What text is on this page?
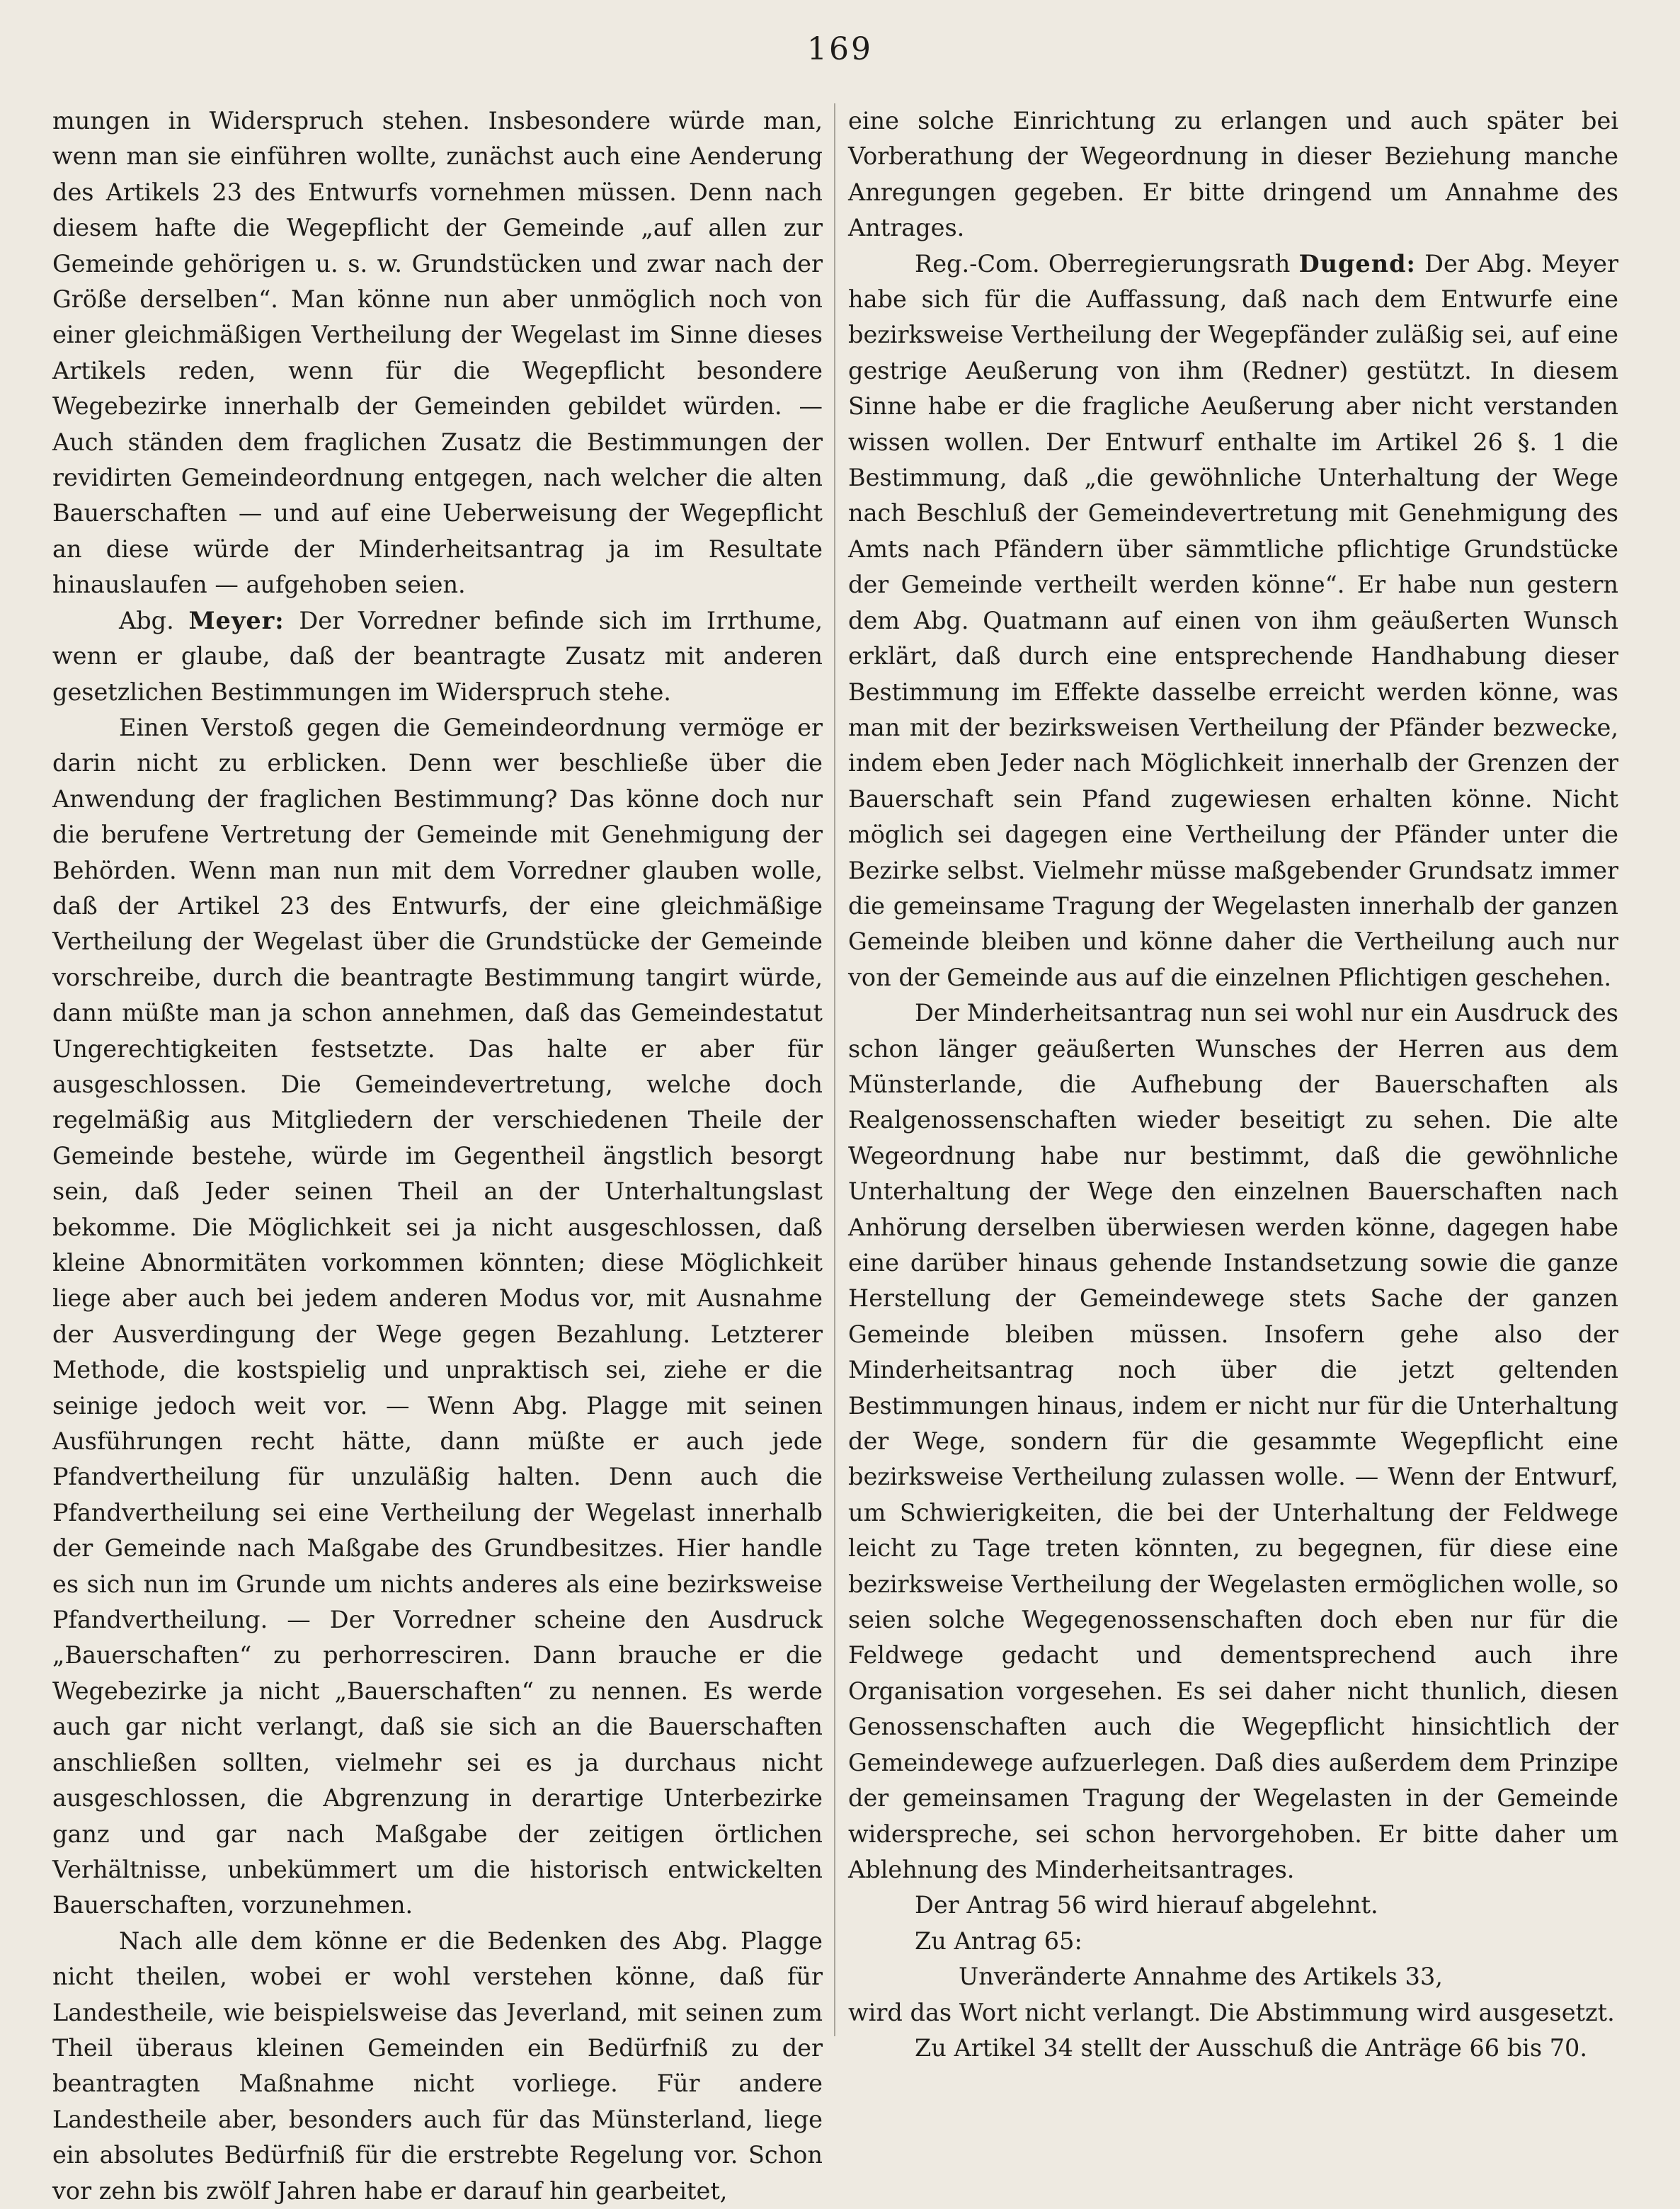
169

mungen in Widerspruch stehen. Insbesondere würde man, wenn man sie einführen wollte, zunächst auch eine Aenderung des Artikels 23 des Entwurfs vornehmen müssen. Denn nach diesem hafte die Wegepflicht der Gemeinde „auf allen zur Gemeinde gehörigen u. s. w. Grundstücken und zwar nach der Größe derselben“. Man könne nun aber unmöglich noch von einer gleichmäßigen Vertheilung der Wegelast im Sinne dieses Artikels reden, wenn für die Wegepflicht besondere Wegebezirke innerhalb der Gemeinden gebildet würden. — Auch ständen dem fraglichen Zusatz die Bestimmungen der revidirten Gemeindeordnung entgegen, nach welcher die alten Bauerschaften — und auf eine Ueberweisung der Wegepflicht an diese würde der Minderheitsantrag ja im Resultate hinauslaufen — aufgehoben seien.

Abg. Meyer: Der Vorredner befinde sich im Irrthume, wenn er glaube, daß der beantragte Zusatz mit anderen gesetzlichen Bestimmungen im Widerspruch stehe.

Einen Verstoß gegen die Gemeindeordnung vermöge er darin nicht zu erblicken. Denn wer beschließe über die Anwendung der fraglichen Bestimmung? Das könne doch nur die berufene Vertretung der Gemeinde mit Genehmigung der Behörden. Wenn man nun mit dem Vorredner glauben wolle, daß der Artikel 23 des Entwurfs, der eine gleichmäßige Vertheilung der Wegelast über die Grundstücke der Gemeinde vorschreibe, durch die beantragte Bestimmung tangirt würde, dann müßte man ja schon annehmen, daß das Gemeindestatut Ungerechtigkeiten festsetzte. Das halte er aber für ausgeschlossen. Die Gemeindevertretung, welche doch regelmäßig aus Mitgliedern der verschiedenen Theile der Gemeinde bestehe, würde im Gegentheil ängstlich besorgt sein, daß Jeder seinen Theil an der Unterhaltungslast bekomme. Die Möglichkeit sei ja nicht ausgeschlossen, daß kleine Abnormitäten vorkommen könnten; diese Möglichkeit liege aber auch bei jedem anderen Modus vor, mit Ausnahme der Ausverdingung der Wege gegen Bezahlung. Letzterer Methode, die kostspielig und unpraktisch sei, ziehe er die seinige jedoch weit vor. — Wenn Abg. Plagge mit seinen Ausführungen recht hätte, dann müßte er auch jede Pfandvertheilung für unzuläßig halten. Denn auch die Pfandvertheilung sei eine Vertheilung der Wegelast innerhalb der Gemeinde nach Maßgabe des Grundbesitzes. Hier handle es sich nun im Grunde um nichts anderes als eine bezirksweise Pfandvertheilung. — Der Vorredner scheine den Ausdruck „Bauerschaften“ zu perhorresciren. Dann brauche er die Wegebezirke ja nicht „Bauerschaften“ zu nennen. Es werde auch gar nicht verlangt, daß sie sich an die Bauerschaften anschließen sollten, vielmehr sei es ja durchaus nicht ausgeschlossen, die Abgrenzung in derartige Unterbezirke ganz und gar nach Maßgabe der zeitigen örtlichen Verhältnisse, unbekümmert um die historisch entwickelten Bauerschaften, vorzunehmen.

Nach alle dem könne er die Bedenken des Abg. Plagge nicht theilen, wobei er wohl verstehen könne, daß für Landestheile, wie beispielsweise das Jeverland, mit seinen zum Theil überaus kleinen Gemeinden ein Bedürfniß zu der beantragten Maßnahme nicht vorliege. Für andere Landestheile aber, besonders auch für das Münsterland, liege ein absolutes Bedürfniß für die erstrebte Regelung vor. Schon vor zehn bis zwölf Jahren habe er darauf hin gearbeitet,

eine solche Einrichtung zu erlangen und auch später bei Vorberathung der Wegeordnung in dieser Beziehung manche Anregungen gegeben. Er bitte dringend um Annahme des Antrages.

Reg.-Com. Oberregierungsrath Dugend: Der Abg. Meyer habe sich für die Auffassung, daß nach dem Entwurfe eine bezirksweise Vertheilung der Wegepfänder zuläßig sei, auf eine gestrige Aeußerung von ihm (Redner) gestützt. In diesem Sinne habe er die fragliche Aeußerung aber nicht verstanden wissen wollen. Der Entwurf enthalte im Artikel 26 §. 1 die Bestimmung, daß „die gewöhnliche Unterhaltung der Wege nach Beschluß der Gemeindevertretung mit Genehmigung des Amts nach Pfändern über sämmtliche pflichtige Grundstücke der Gemeinde vertheilt werden könne“. Er habe nun gestern dem Abg. Quatmann auf einen von ihm geäußerten Wunsch erklärt, daß durch eine entsprechende Handhabung dieser Bestimmung im Effekte dasselbe erreicht werden könne, was man mit der bezirksweisen Vertheilung der Pfänder bezwecke, indem eben Jeder nach Möglichkeit innerhalb der Grenzen der Bauerschaft sein Pfand zugewiesen erhalten könne. Nicht möglich sei dagegen eine Vertheilung der Pfänder unter die Bezirke selbst. Vielmehr müsse maßgebender Grundsatz immer die gemeinsame Tragung der Wegelasten innerhalb der ganzen Gemeinde bleiben und könne daher die Vertheilung auch nur von der Gemeinde aus auf die einzelnen Pflichtigen geschehen.

Der Minderheitsantrag nun sei wohl nur ein Ausdruck des schon länger geäußerten Wunsches der Herren aus dem Münsterlande, die Aufhebung der Bauerschaften als Realgenossenschaften wieder beseitigt zu sehen. Die alte Wegeordnung habe nur bestimmt, daß die gewöhnliche Unterhaltung der Wege den einzelnen Bauerschaften nach Anhörung derselben überwiesen werden könne, dagegen habe eine darüber hinaus gehende Instandsetzung sowie die ganze Herstellung der Gemeindewege stets Sache der ganzen Gemeinde bleiben müssen. Insofern gehe also der Minderheitsantrag noch über die jetzt geltenden Bestimmungen hinaus, indem er nicht nur für die Unterhaltung der Wege, sondern für die gesammte Wegepflicht eine bezirksweise Vertheilung zulassen wolle. — Wenn der Entwurf, um Schwierigkeiten, die bei der Unterhaltung der Feldwege leicht zu Tage treten könnten, zu begegnen, für diese eine bezirksweise Vertheilung der Wegelasten ermöglichen wolle, so seien solche Wegegenossenschaften doch eben nur für die Feldwege gedacht und dementsprechend auch ihre Organisation vorgesehen. Es sei daher nicht thunlich, diesen Genossenschaften auch die Wegepflicht hinsichtlich der Gemeindewege aufzuerlegen. Daß dies außerdem dem Prinzipe der gemeinsamen Tragung der Wegelasten in der Gemeinde widerspreche, sei schon hervorgehoben. Er bitte daher um Ablehnung des Minderheitsantrages.

Der Antrag 56 wird hierauf abgelehnt.

Zu Antrag 65:

Unveränderte Annahme des Artikels 33,

wird das Wort nicht verlangt. Die Abstimmung wird ausgesetzt.

Zu Artikel 34 stellt der Ausschuß die Anträge 66 bis 70.
